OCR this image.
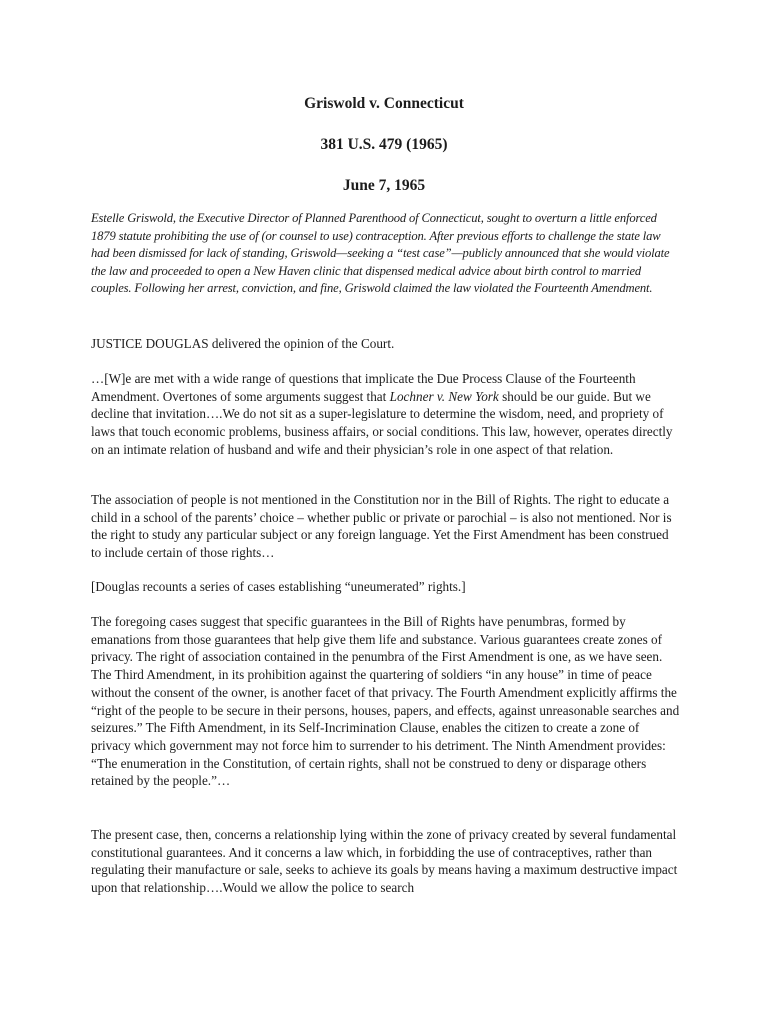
Griswold v. Connecticut
381 U.S. 479 (1965)
June 7, 1965

Estelle Griswold, the Executive Director of Planned Parenthood of Connecticut, sought to overturn a little enforced 1879 statute prohibiting the use of (or counsel to use) contraception. After previous efforts to challenge the state law had been dismissed for lack of standing, Griswold—seeking a “test case”—publicly announced that she would violate the law and proceeded to open a New Haven clinic that dispensed medical advice about birth control to married couples. Following her arrest, conviction, and fine, Griswold claimed the law violated the Fourteenth Amendment.

JUSTICE DOUGLAS delivered the opinion of the Court.

…[W]e are met with a wide range of questions that implicate the Due Process Clause of the Fourteenth Amendment. Overtones of some arguments suggest that Lochner v. New York should be our guide. But we decline that invitation….We do not sit as a super-legislature to determine the wisdom, need, and propriety of laws that touch economic problems, business affairs, or social conditions. This law, however, operates directly on an intimate relation of husband and wife and their physician’s role in one aspect of that relation.

The association of people is not mentioned in the Constitution nor in the Bill of Rights. The right to educate a child in a school of the parents’ choice – whether public or private or parochial – is also not mentioned. Nor is the right to study any particular subject or any foreign language. Yet the First Amendment has been construed to include certain of those rights…

[Douglas recounts a series of cases establishing “uneumerated” rights.]

The foregoing cases suggest that specific guarantees in the Bill of Rights have penumbras, formed by emanations from those guarantees that help give them life and substance. Various guarantees create zones of privacy. The right of association contained in the penumbra of the First Amendment is one, as we have seen. The Third Amendment, in its prohibition against the quartering of soldiers “in any house” in time of peace without the consent of the owner, is another facet of that privacy. The Fourth Amendment explicitly affirms the “right of the people to be secure in their persons, houses, papers, and effects, against unreasonable searches and seizures.” The Fifth Amendment, in its Self-Incrimination Clause, enables the citizen to create a zone of privacy which government may not force him to surrender to his detriment. The Ninth Amendment provides: “The enumeration in the Constitution, of certain rights, shall not be construed to deny or disparage others retained by the people.”…

The present case, then, concerns a relationship lying within the zone of privacy created by several fundamental constitutional guarantees. And it concerns a law which, in forbidding the use of contraceptives, rather than regulating their manufacture or sale, seeks to achieve its goals by means having a maximum destructive impact upon that relationship….Would we allow the police to search
